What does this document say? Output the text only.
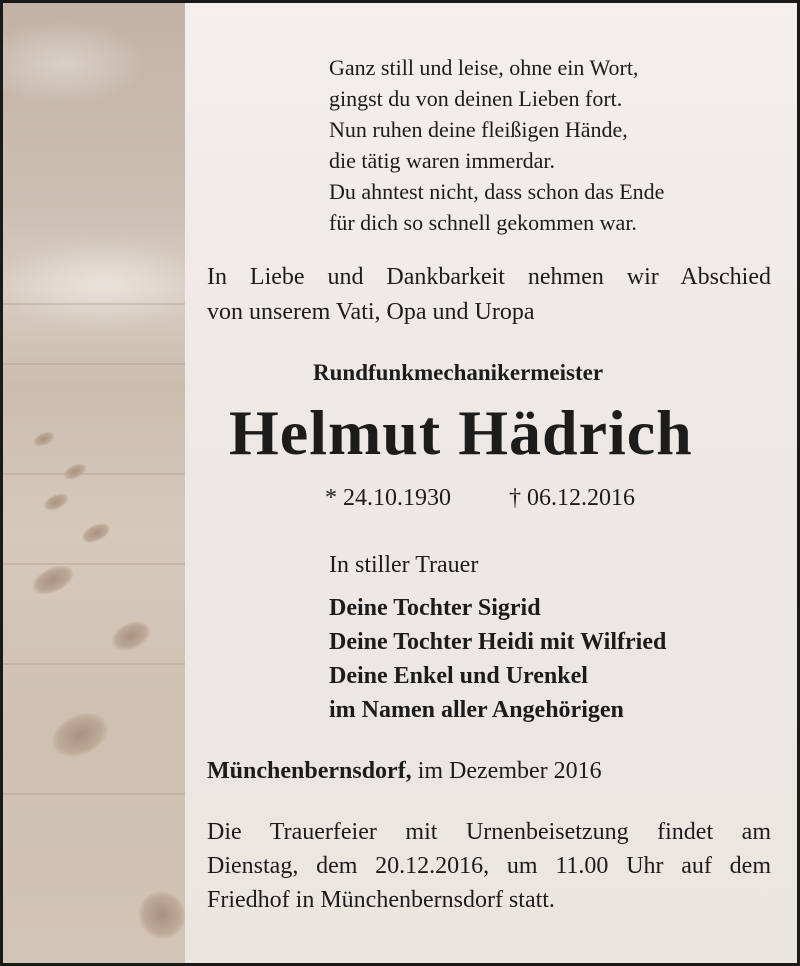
Ganz still und leise, ohne ein Wort,

gingst du von deinen Lieben fort.

Nun ruhen deine fleißigen Hände,

die tätig waren immerdar.

Du ahntest nicht, dass schon das Ende

für dich so schnell gekommen war.

In Liebe und Dankbarkeit nehmen wir Abschied

von unserem Vati, Opa und Uropa

Rundfunkmechanikermeister

Helmut Hädrich

* 24.10.1930 † 06.12.2016

In stiller Trauer

Deine Tochter Sigrid

Deine Tochter Heidi mit Wilfried

Deine Enkel und Urenkel

im Namen aller Angehörigen

Münchenbernsdorf, im Dezember 2016

Die Trauerfeier mit Urnenbeisetzung findet am

Dienstag, dem 20.12.2016, um 11.00 Uhr auf dem

Friedhof in Münchenbernsdorf statt.
